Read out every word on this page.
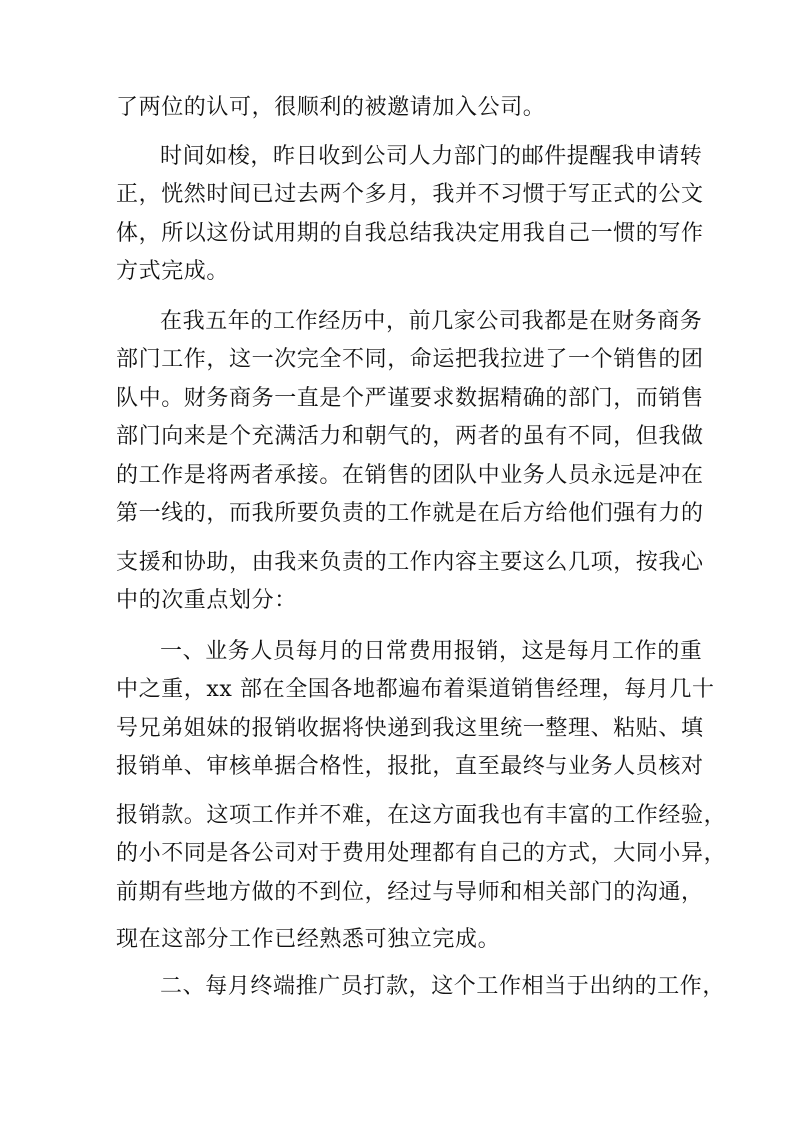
了两位的认可，很顺利的被邀请加入公司。
时间如梭，昨日收到公司人力部门的邮件提醒我申请转
正，恍然时间已过去两个多月，我并不习惯于写正式的公文
体，所以这份试用期的自我总结我决定用我自己一惯的写作
方式完成。
在我五年的工作经历中，前几家公司我都是在财务商务
部门工作，这一次完全不同，命运把我拉进了一个销售的团
队中。财务商务一直是个严谨要求数据精确的部门，而销售
部门向来是个充满活力和朝气的，两者的虽有不同，但我做
的工作是将两者承接。在销售的团队中业务人员永远是冲在
第一线的，而我所要负责的工作就是在后方给他们强有力的
支援和协助，由我来负责的工作内容主要这么几项，按我心
中的次重点划分：
一、业务人员每月的日常费用报销，这是每月工作的重
中之重，xx 部在全国各地都遍布着渠道销售经理，每月几十
号兄弟姐妹的报销收据将快递到我这里统一整理、粘贴、填
报销单、审核单据合格性，报批，直至最终与业务人员核对
报销款。这项工作并不难，在这方面我也有丰富的工作经验，
的小不同是各公司对于费用处理都有自己的方式，大同小异，
前期有些地方做的不到位，经过与导师和相关部门的沟通，
现在这部分工作已经熟悉可独立完成。
二、每月终端推广员打款，这个工作相当于出纳的工作，
